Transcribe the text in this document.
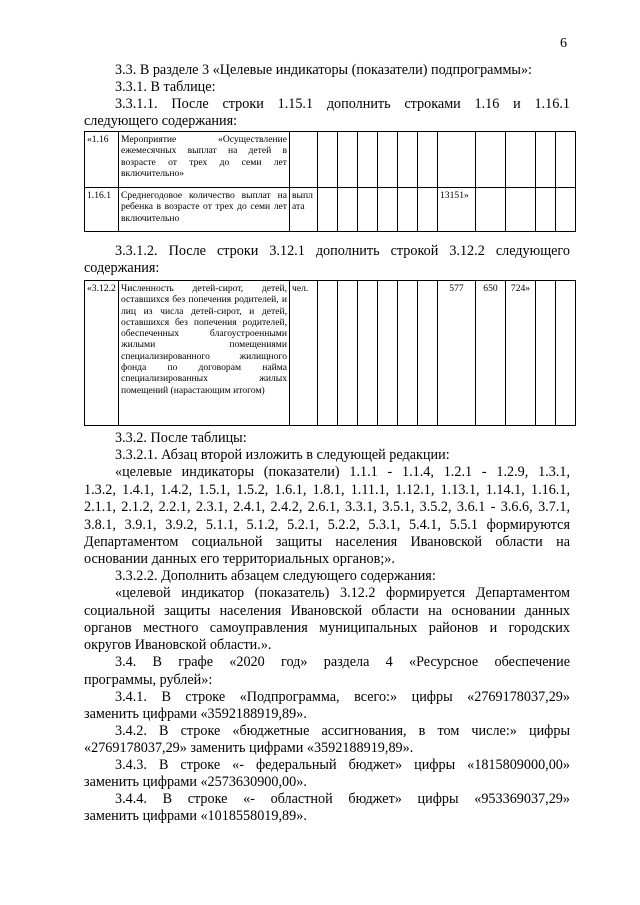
6
3.3. В разделе 3 «Целевые индикаторы (показатели) подпрограммы»:
3.3.1. В таблице:
3.3.1.1. После строки 1.15.1 дополнить строками 1.16 и 1.16.1
следующего содержания:
«1.16	Мероприятие «Осуществление ежемесячных выплат на детей в возрасте от трех до семи лет включительно»												
1.16.1	Среднегодовое количество выплат на ребенка в возрасте от трех до семи лет включительно	выплата							13151»				
3.3.1.2. После строки 3.12.1 дополнить строкой 3.12.2 следующего
содержания:
«3.12.2	Численность детей-сирот, детей, оставшихся без попечения родителей, и лиц из числа детей-сирот, и детей, оставшихся без попечения родителей, обеспеченных благоустроенными жилыми помещениями специализированного жилищного фонда по договорам найма специализированных жилых помещений (нарастающим итогом)	чел.							577	650	724»		
3.3.2. После таблицы:
3.3.2.1. Абзац второй изложить в следующей редакции:
«целевые индикаторы (показатели) 1.1.1 - 1.1.4, 1.2.1 - 1.2.9, 1.3.1,
1.3.2, 1.4.1, 1.4.2, 1.5.1, 1.5.2, 1.6.1, 1.8.1, 1.11.1, 1.12.1, 1.13.1, 1.14.1, 1.16.1,
2.1.1, 2.1.2, 2.2.1, 2.3.1, 2.4.1, 2.4.2, 2.6.1, 3.3.1, 3.5.1, 3.5.2, 3.6.1 - 3.6.6, 3.7.1,
3.8.1, 3.9.1, 3.9.2, 5.1.1, 5.1.2, 5.2.1, 5.2.2, 5.3.1, 5.4.1, 5.5.1 формируются
Департаментом социальной защиты населения Ивановской области на
основании данных его территориальных органов;».
3.3.2.2. Дополнить абзацем следующего содержания:
«целевой индикатор (показатель) 3.12.2 формируется Департаментом
социальной защиты населения Ивановской области на основании данных
органов местного самоуправления муниципальных районов и городских
округов Ивановской области.».
3.4. В графе «2020 год» раздела 4 «Ресурсное обеспечение
программы, рублей»:
3.4.1. В строке «Подпрограмма, всего:» цифры «2769178037,29»
заменить цифрами «3592188919,89».
3.4.2. В строке «бюджетные ассигнования, в том числе:» цифры
«2769178037,29» заменить цифрами «3592188919,89».
3.4.3. В строке «- федеральный бюджет» цифры «1815809000,00»
заменить цифрами «2573630900,00».
3.4.4. В строке «- областной бюджет» цифры «953369037,29»
заменить цифрами «1018558019,89».
